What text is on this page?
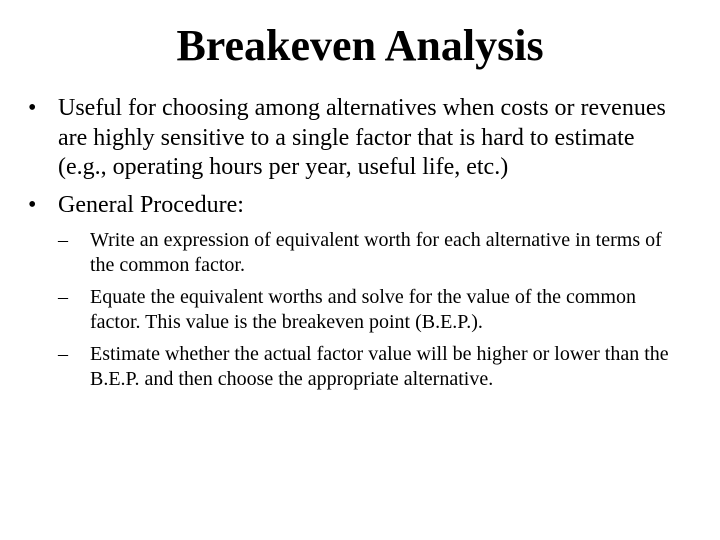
Breakeven Analysis
• Useful for choosing among alternatives when costs or revenues are highly sensitive to a single factor that is hard to estimate (e.g., operating hours per year, useful life, etc.)
• General Procedure:
– Write an expression of equivalent worth for each alternative in terms of the common factor.
– Equate the equivalent worths and solve for the value of the common factor. This value is the breakeven point (B.E.P.).
– Estimate whether the actual factor value will be higher or lower than the B.E.P. and then choose the appropriate alternative.
